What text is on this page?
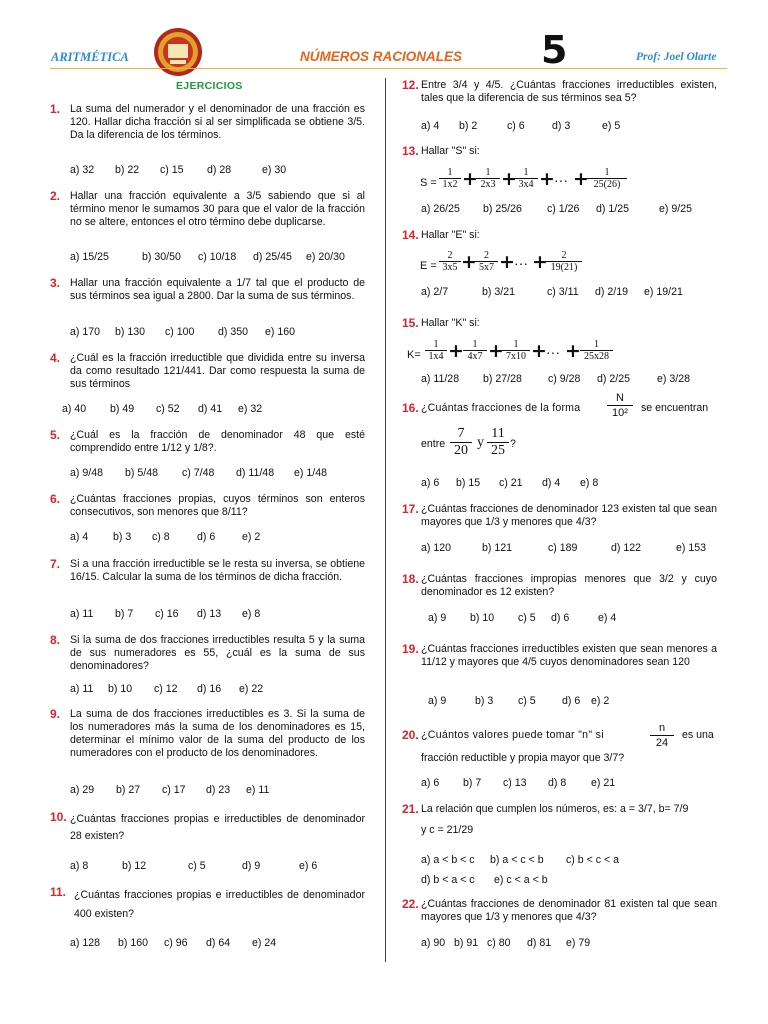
ARITMÉTICA	NÚMEROS RACIONALES 5	Prof: Joel Olarte
EJERCICIOS
1. La suma del numerador y el denominador de una fracción es 120. Hallar dicha fracción si al ser simplificada se obtiene 3/5. Da la diferencia de los términos.
a) 32 b) 22 c) 15 d) 28	e) 30
2. Hallar una fracción equivalente a 3/5 sabiendo que si al término menor le sumamos 30 para que el valor de la fracción no se altere, entonces el otro término debe duplicarse.
a) 15/25	b) 30/50 c) 10/18 d) 25/45 e) 20/30
3. Hallar una fracción equivalente a 1/7 tal que el producto de sus términos sea igual a 2800. Dar la suma de sus términos.
a) 170 b) 130 c) 100 d) 350 e) 160
4. ¿Cuál es la fracción irreductible que dividida entre su inversa da como resultado 121/441. Dar como respuesta la suma de sus términos
a) 40 b) 49 c) 52 d) 41 e) 32
5. ¿Cuál es la fracción de denominador 48 que esté comprendido entre 1/12 y 1/8?.
a) 9/48 b) 5/48 c) 7/48 d) 11/48 e) 1/48
6. ¿Cuántas fracciones propias, cuyos términos son enteros consecutivos, son menores que 8/11?
a) 4 b) 3 c) 8	d) 6	e) 2
7. Si a una fracción irreductible se le resta su inversa, se obtiene 16/15. Calcular la suma de los términos de dicha fracción.
a) 11 b) 7 c) 16 d) 13 e) 8
8. Si la suma de dos fracciones irreductibles resulta 5 y la suma de sus numeradores es 55, ¿cuál es la suma de sus denominadores?
a) 11 b) 10 c) 12 d) 16 e) 22
9. La suma de dos fracciones irreductibles es 3. Si la suma de los numeradores más la suma de los denominadores es 15, determinar el mínimo valor de la suma del producto de los numeradores con el producto de los denominadores.
a) 29 b) 27 c) 17 d) 23 e) 11
10. ¿Cuántas fracciones propias e irreductibles de denominador 28 existen?
a) 8	b) 12	c) 5	d) 9	e) 6
11. ¿Cuántas fracciones propias e irreductibles de denominador 400 existen?
a) 128 b) 160 c) 96 d) 64 e) 24
12. Entre 3/4 y 4/5. ¿Cuántas fracciones irreductibles existen, tales que la diferencia de sus términos sea 5?
a) 4 b) 2	c) 6	d) 3	e) 5
13. Hallar "S" si:
$S = \frac{1}{1x2}$ +
$\frac{1}{2x3}$ +
$\frac{1}{3x4}$ + ··· +
$\frac{1}{25(26)}$
a) 26/25 b) 25/26 c) 1/26 d) 1/25	e) 9/25
14. Hallar "E" si:
$E = \frac{2}{3x5}$ +
$\frac{2}{5x7}$ + ··· +
$\frac{2}{19(21)}$
a) 2/7	b) 3/21	c) 3/11 d) 2/19 e) 19/21
15. Hallar "K" si:
$K= \frac{1}{1x4} + \frac{1}{4x7}$ +
$\frac{1}{7x10}$ + ··· + $\frac{1}{25x28}$
a) 11/28 b) 27/28 c) 9/28 d) 2/25	e) 3/28
16. ¿Cuántas fracciones de la forma $\frac{N}{\text{10²}}$ se encuentran
entre $\frac{7}{20}$ y $\frac{11}{25}$ ?
a) 6 b) 15 c) 21 d) 4 e) 8
17. ¿Cuántas fracciones de denominador 123 existen tal que sean mayores que 1/3 y menores que 4/3?
a) 120	b) 121	c) 189	d) 122	e) 153
18. ¿Cuántas fracciones impropias menores que 3/2 y cuyo denominador es 12 existen?
a) 9 b) 10 c) 5 d) 6	e) 4
19. ¿Cuántas fracciones irreductibles existen que sean menores a 11/12 y mayores que 4/5 cuyos denominadores sean 120
a) 9	b) 3 c) 5 d) 6 e) 2
20. ¿Cuántos valores puede tomar "n" si	$\frac{n}{24}$ es una
fracción reductible y propia mayor que 3/7?
a) 6 b) 7 c) 13 d) 8 e) 21
21. La relación que cumplen los números, es: a = 3/7, b= 7/9
y c = 21/29
a) a < b < c b) a < c < b c) b < c < a
d) b < a < c e) c < a < b
22. ¿Cuántas fracciones de denominador 81 existen tal que sean mayores que 1/3 y menores que 4/3?
a) 90 b) 91 c) 80 d) 81 e) 79
